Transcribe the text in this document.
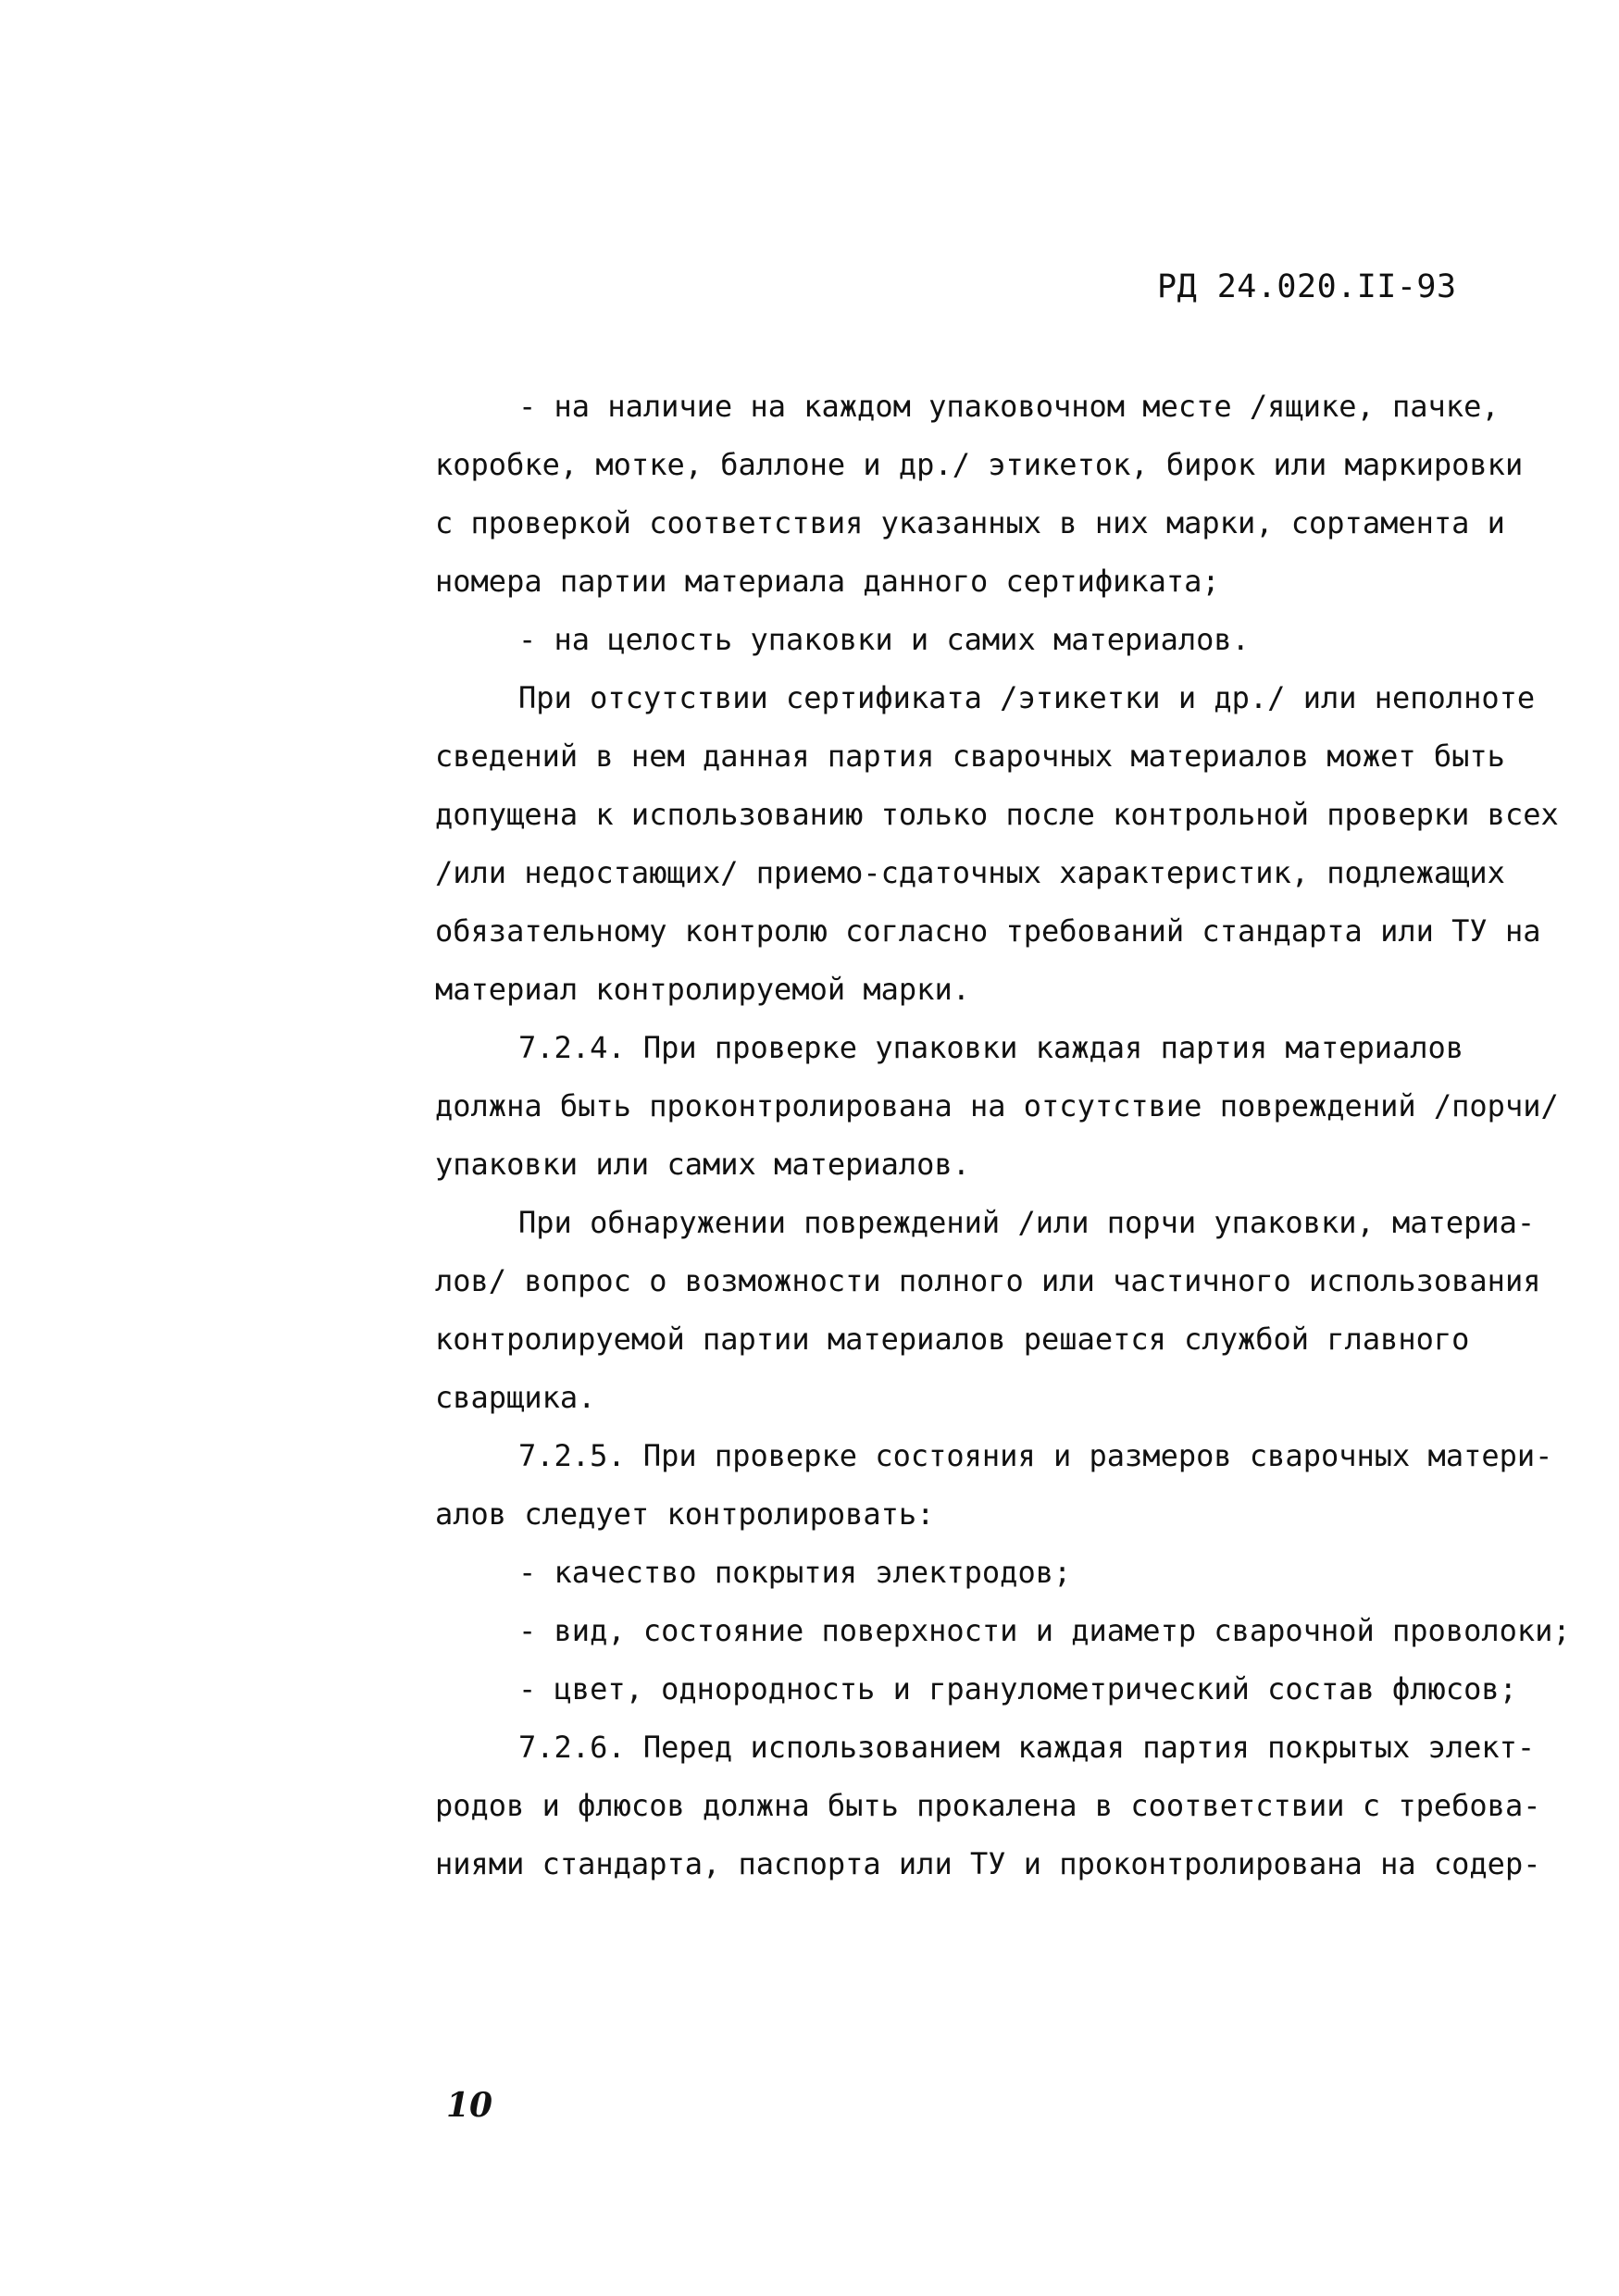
РД 24.020.II-93
- на наличие на каждом упаковочном месте /ящике, пачке,
коробке, мотке, баллоне и др./ этикеток, бирок или маркировки
с проверкой соответствия указанных в них марки, сортамента и
номера партии материала данного сертификата;
- на целость упаковки и самих материалов.
При отсутствии сертификата /этикетки и др./ или неполноте
сведений в нем данная партия сварочных материалов может быть
допущена к использованию только после контрольной проверки всех
/или недостающих/ приемо-сдаточных характеристик, подлежащих
обязательному контролю согласно требований стандарта или ТУ на
материал контролируемой марки.
7.2.4. При проверке упаковки каждая партия материалов
должна быть проконтролирована на отсутствие повреждений /порчи/
упаковки или самих материалов.
При обнаружении повреждений /или порчи упаковки, материа-
лов/ вопрос о возможности полного или частичного использования
контролируемой партии материалов решается службой главного
сварщика.
7.2.5. При проверке состояния и размеров сварочных матери-
алов следует контролировать:
- качество покрытия электродов;
- вид, состояние поверхности и диаметр сварочной проволоки;
- цвет, однородность и гранулометрический состав флюсов;
7.2.6. Перед использованием каждая партия покрытых элект-
родов и флюсов должна быть прокалена в соответствии с требова-
ниями стандарта, паспорта или ТУ и проконтролирована на содер-
10
